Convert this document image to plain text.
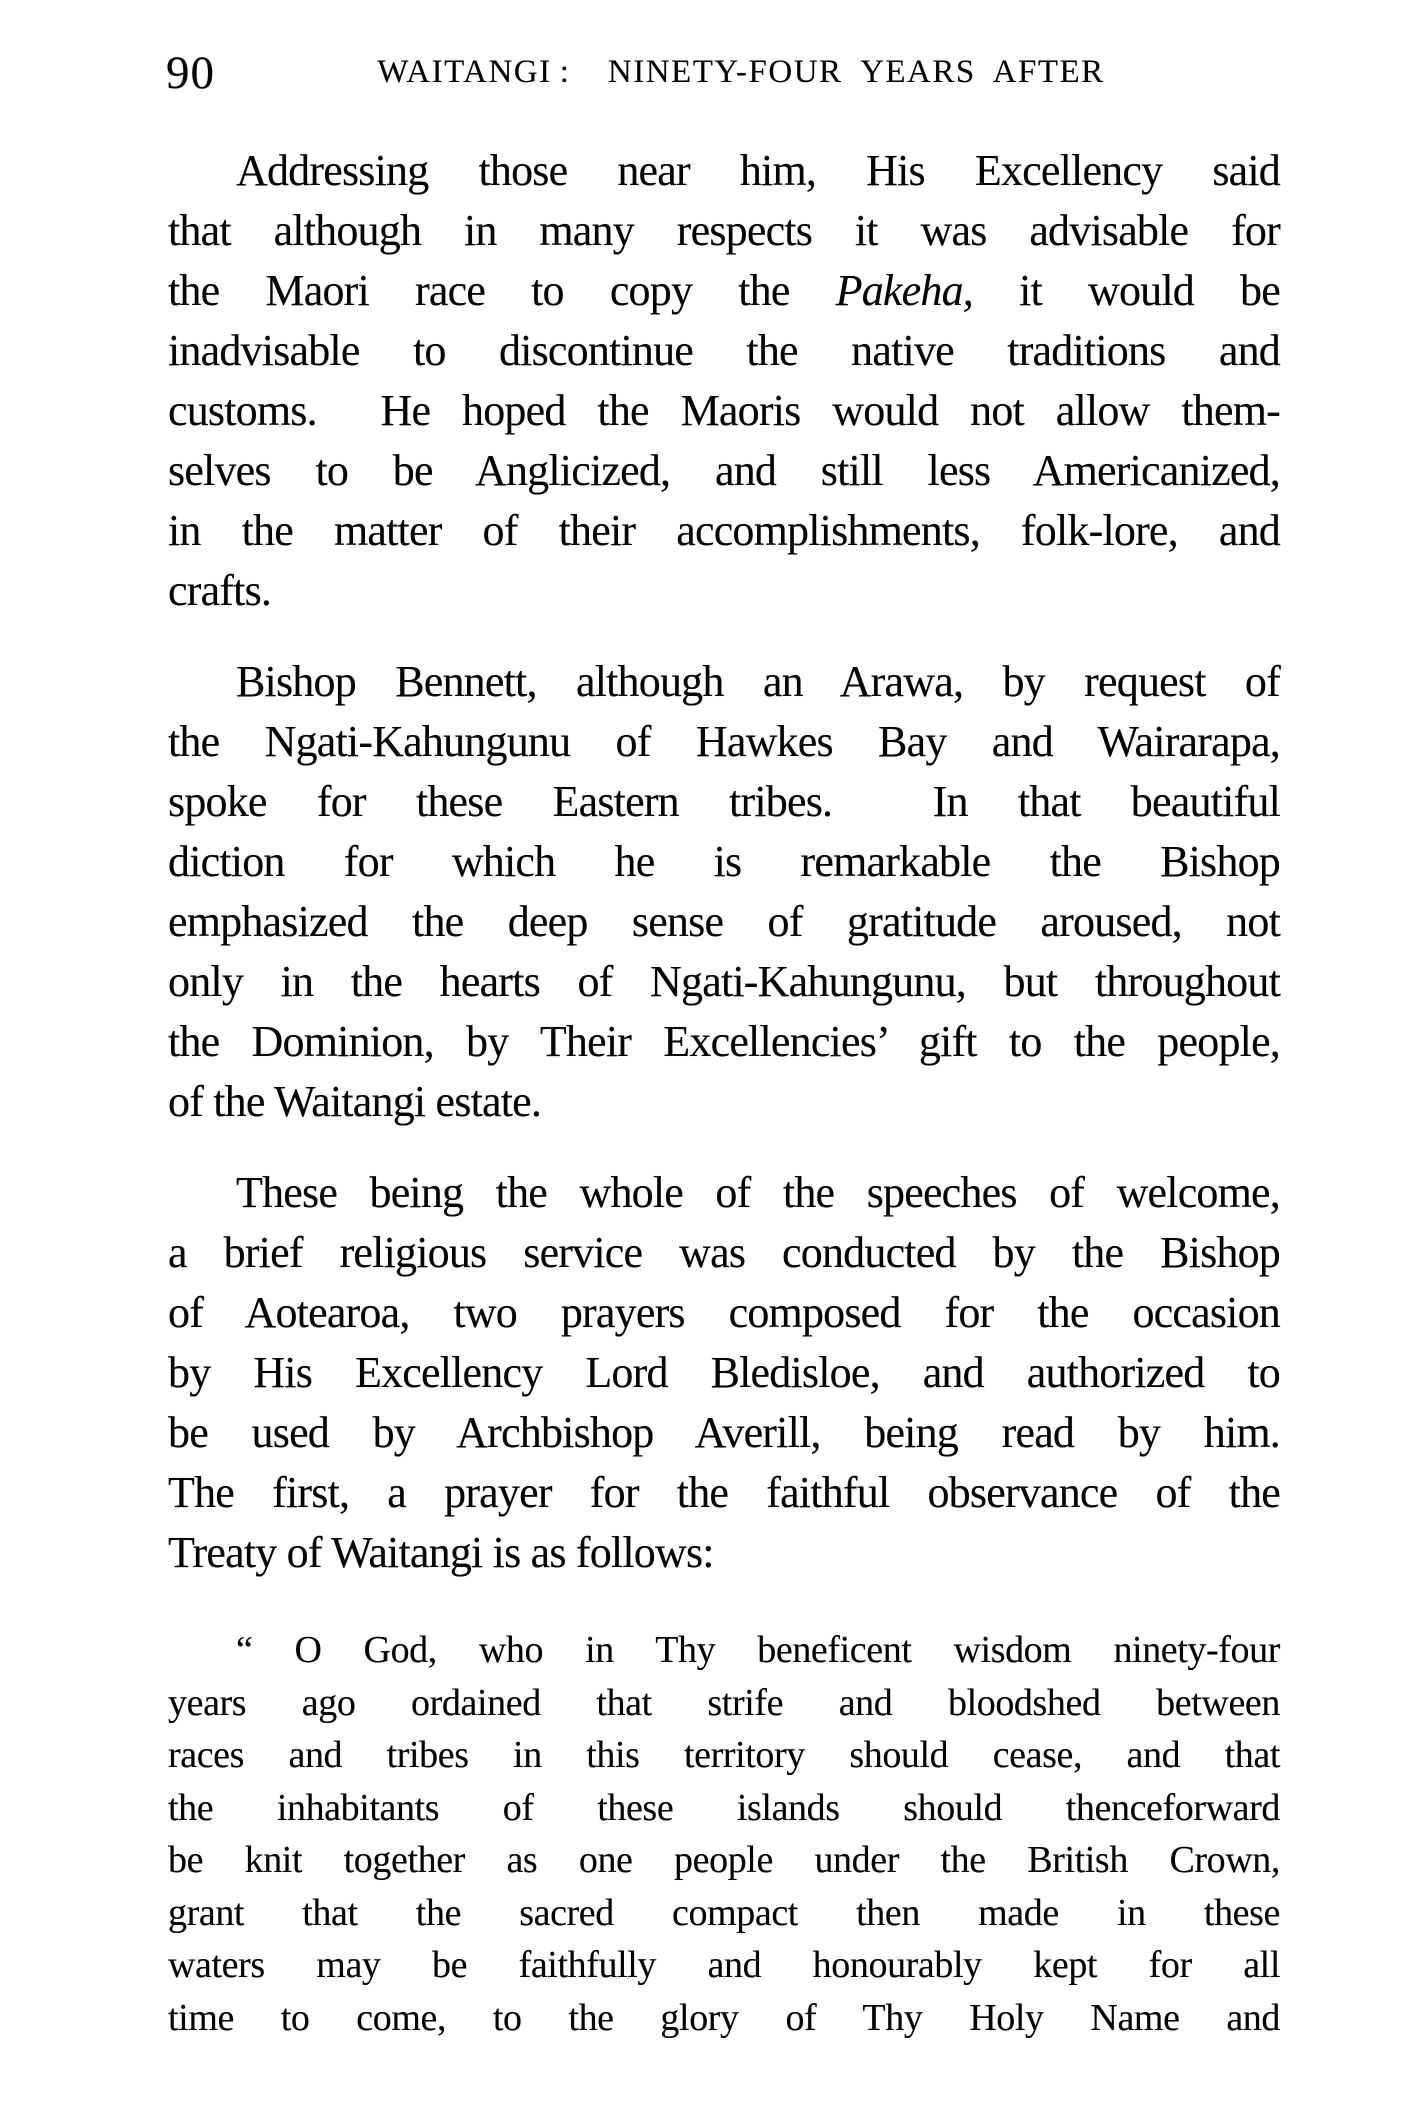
90	WAITANGI :  NINETY-FOUR YEARS AFTER

Addressing those near him, His Excellency said
that although in many respects it was advisable for
the Maori race to copy the Pakeha, it would be
inadvisable to discontinue the native traditions and
customs.  He hoped the Maoris would not allow them-
selves to be Anglicized, and still less Americanized,
in the matter of their accomplishments, folk-lore, and
crafts.

Bishop Bennett, although an Arawa, by request of
the Ngati-Kahungunu of Hawkes Bay and Wairarapa,
spoke for these Eastern tribes.  In that beautiful
diction for which he is remarkable the Bishop
emphasized the deep sense of gratitude aroused, not
only in the hearts of Ngati-Kahungunu, but throughout
the Dominion, by Their Excellencies’ gift to the people,
of the Waitangi estate.

These being the whole of the speeches of welcome,
a brief religious service was conducted by the Bishop
of Aotearoa, two prayers composed for the occasion
by His Excellency Lord Bledisloe, and authorized to
be used by Archbishop Averill, being read by him.
The first, a prayer for the faithful observance of the
Treaty of Waitangi is as follows:

“ O God, who in Thy beneficent wisdom ninety-four
years ago ordained that strife and bloodshed between
races and tribes in this territory should cease, and that
the inhabitants of these islands should thenceforward
be knit together as one people under the British Crown,
grant that the sacred compact then made in these
waters may be faithfully and honourably kept for all
time to come, to the glory of Thy Holy Name and
